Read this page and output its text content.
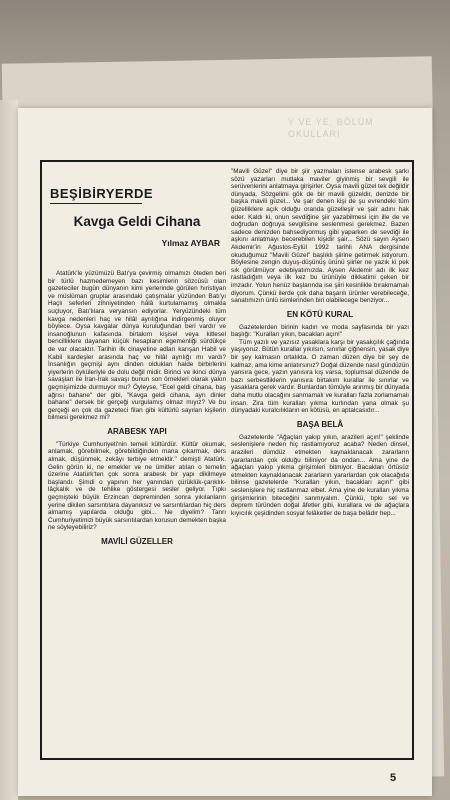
Y VE YE, BÖLÜM OKULLARI
BEŞİBİRYERDE
Kavga Geldi Cihana
Yılmaz AYBAR

Atatürk'le yüzümüzü Batı'ya çevirmiş olmamızı öteden beri bir türlü hazmedemeyen bazı kesimlerin sözcüsü olan gazeteciler bugün dünyanın kimi yerlerinde görülen hıristiyan ve müslüman gruplar arasındaki çatışmalar yüzünden Batı'yı Haçlı seferleri zihniyetinden hâlâ kurtulamamış olmakla suçluyor, Batı'lılara veryansın ediyorlar. Yeryüzündeki tüm kavga nedenleri haç ve hilâl ayrılığına indirgenmiş oluyor böylece. Oysa kavgalar dünya kuruluğundan beri vardır ve insanoğlunun kafasında birtakım kişisel veya kitlesel bencilliklere dayanan küçük hesapların egemenliği sürdükçe de var olacaktır. Tarihin ilk cinayetine adları karışan Habil ve Kabil kardeşler arasında haç ve hilâl ayrılığı mı vardı? İnsanlığın geçmişi aynı dinden oldukları halde birbirlerini yiyerlerin öyküleriyle de dolu değil midir. Birinci ve ikinci dünya savaşları ile İran-Irak savaşı bunun son örnekleri olarak yakın geçmişimizde durmuyor mu? Öyleyse, "Ecel geldi cihana, baş ağrısı bahane" der gibi, "Kavga geldi cihana, ayrı dinler bahane" dersek bir gerçeği vurgulamış olmaz mıyız? Ve bu gerçeği en çok da gazeteci filan gibi kültürlü sayılan kişilerin bilmesi gerekmez mi?

ARABESK YAPI

"Türkiye Cumhuriyeti'nin temeli kültürdür. Kültür okumak, anlamak, görebilmek, görebildiğinden mana çıkarmak, ders almak, düşünmek, zekâyı terbiye etmektir." demişti Atatürk. Gelin görün ki, ne emekler ve ne ümitler atılan o temelin üzerine Atatürk'ten çok sonra arabesk bir yapı dikilmeye başlandı. Şimdi o yapının her yanından çürüklük-çarıklık-lâçkalık ve de tehlike göstergesi sesler geliyor. Tıpkı geçmişteki büyük Erzincan depreminden sonra yıkılanların yerine dikilen sarsıntılara dayanıksız ve sarsıntılardan hiç ders almamış yapılarda olduğu gibi... Ne diyelim? Tanrı Cumhuriyetimizi büyük sarsıntılardan korusun demekten başka ne söyleyebiliriz?

MAVİLİ GÜZELLER

"Mavili Güzel" diye bir şiir yazmaları istense arabesk şarkı sözü yazarları mutlaka maviler giyinmiş bir sevgili ile serüvenlerini anlatmaya girişirler. Oysa mavili güzel tek değildir dünyada. Sözgelimi gök de bir mavili güzeldir, denizde bir başka mavili güzel... Ve şair denen kişi de şu evrendeki tüm güzelliklere açık olduğu oranda güzelleşir ve şair adını hak eder. Kaldı ki, onun sevdiğine şiir yazabilmesi için ille de ve doğrudan doğruya sevgilisine seslenmesi gerekmez. Bazen sadece denizden bahsediyormuş gibi yaparken de sevdiği ile aşkını anlatmayı becerebilen kişidir şair... Sözü sayın Aysen Akdemir'in Ağustos-Eylül 1992 tarihli ANA dergisinde okuduğumuz "Mavili Güzel" başlıklı şiirine getirmek istiyorum. Böylesine zengin duyuş-düşünüş ürünü şiirler ne yazık ki pek sık görülmüyor edebiyatımızda. Aysen Akdemir adı ilk kez rastladığım veya ilk kez bu ürünüyle dikkatimi çeken bir imzadır. Yolun henüz başlarında ise şiiri kesinlikle bırakmamalı diyorum. Çünkü ilerde çok daha başarılı ürünler verebileceğe, sanatımızın ünlü isimlerinden biri olabilecege benziyor...

EN KÖTÜ KURAL

Gazetelerden birinin kadın ve moda sayfasında bir yazı başlığı: "Kuralları yıkın, bacakları açın!"

Tüm yazılı ve yazısız yasaklara karşı bir yasakçılık çağında yaşıyoruz. Bütün kurallar yıkılsın, sınırlar çiğnensin, yasak diye bir şey kalmasın ortalıkta. O zaman düzen diye bir şey de kalmaz, ama kime anlatırsınız? Doğal düzende nasıl gündüzün yansıra gece, yazın yanısıra kış varsa, toplumsal düzende de bazı serbestliklerin yanısıra birtakım kurallar ile sınırlar ve yasaklara gerek vardır. Bunlardan tümüyle arınmış bir dünyada daha mutlu olacağını sanmamalı ve kuralları fazla zorlamamalı insan. Zira tüm kuralları yıkma kurlından yana olmak şu dünyadaki kuralcılıkların en kötüsü, en aptalcasıdır...

BAŞA BELÂ

Gazetelerde "Ağaçları yakıp yıkın, arazileri açın!" şeklinde seslenişlere neden hiç rastlamıyoruz acaba? Neden dinsel, arazileri dümdüz etmekten kaynaklanacak zararların yararlardan çok olduğu biliniyor da ondan... Ama yine de ağaçları yakıp yıkma girişimleri bitmiyor. Bacakları örtüsüz etmekten kaynaklanacak zararların yararlardan çok olacağıda bilinse gazetelerde "Kuralları yıkın, bacakları açın!" gibi seslenişlere hiç rastlanmaz elbet. Ama yine de kuralları yıkma girişimlerinin biteceğini sanmıyalım. Çünkü, tıpkı sel ve deprem türünden doğal âfetler gibi, kurallara ve de ağaçlara kıyıcılık çeşidinden sosyal felâketler de başa belâdır hep...

5
